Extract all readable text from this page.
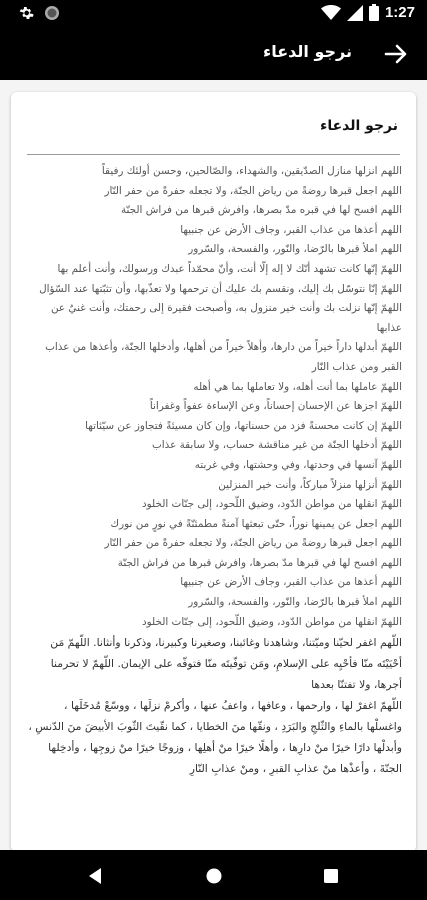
1:27
نرجو الدعاء
نرجو الدعاء

اللهم انزلها منازل الصدّيقين، والشهداء، والصّالحين، وحسن أولئك رفيقاً

اللهم اجعل قبرها روضةً من رياض الجنّة، ولا تجعله حفرةً من حفر النّار

اللهم افسح لها في قبره مدّ بصرها، وافرش قبرها من فراش الجنّة

اللهم أعذها من عذاب القبر، وجاف الأرض عن جنبيها

اللهم املأ قبرها بالرّضا، والنّور، والفسحة، والسّرور

اللهمّ إنّها كانت تشهد أنّك لا إله إلّا أنت، وأنّ محمّداً عبدك ورسولك، وأنت أعلم بها

اللهمّ إنّا نتوسّل بك إليك، ونقسم بك عليك أن ترحمها ولا تعذّبها، وأن تثبّتها عند السّؤال

اللهمّ إنّها نزلت بك وأنت خير منزول به، وأصبحت فقيرة إلى رحمتك، وأنت غنيٌ عن عذابها

اللهمّ أبدلها داراً خيراً من دارها، وأهلاً خيراً من أهلها، وأدخلها الجنّة، وأعذها من عذاب القبر ومن عذاب النّار

اللهمّ عاملها بما أنت أهله، ولا تعاملها بما هي أهله

اللهمّ اجزها عن الإحسان إحساناً، وعن الإساءة عفواً وغفراناً

اللهمّ إن كانت محسنةً فزد من حسناتها، وإن كان مسيئةً فتجاوز عن سيّئاتها

اللهمّ أدخلها الجنّة من غير مناقشة حساب، ولا سابقة عذاب

اللهمّ آنسها في وحدتها، وفي وحشتها، وفي غربته

اللهمّ أنزلها منزلاً مباركاً، وأنت خير المنزلين

اللهمّ انقلها من مواطن الدّود، وضيق اللّحود، إلى جنّات الخلود

اللهم اجعل عن يمينها نوراً، حتّى تبعثها آمنةً مطمئنّةً في نورٍ من نورك

اللهم اجعل قبرها روضةً من رياض الجنّة، ولا تجعله حفرةً من حفر النّار

اللهم افسح لها في قبرها مدّ بصرها، وافرش قبرها من فراش الجنّة

اللهم أعذها من عذاب القبر، وجاف الأرض عن جنبيها

اللهم املأ قبرها بالرّضا، والنّور، والفسحة، والسّرور

اللهمّ انقلها من مواطن الدّود، وضيق اللّحود، إلى جنّات الخلود

اللّهم اغفر لحيّنا وميّتنا، وشاهدنا وغائبنا، وصغيرنا وكبيرنا، وذكرنا وأنثانا. اللّهمّ مَن أحْيَيْتَه منّا فأحْيِه على الإسلامِ، ومَن توفّيتَه منّا فتوفّه على الإيمان. اللّهمّ لا تحرمنا أجرها، ولا تفتنّا بعدها

اللّهمّ اغفرْ لها ، وارحمها ، وعافها ، واعفُ عنها ، وأكرمْ نزلَها ، ووسّعْ مُدخَلَها ، واغسلْها بالماءِ والثّلجِ والبَرَدِ ، ونقّها منَ الخطايا ، كما نقّيتَ الثّوبَ الأبيضَ منَ الدّنسِ ، وأبدلْها دارًا خيرًا منْ دارِها ، وأهلًا خيرًا منْ أهلِها ، وزوجًا خيرًا منْ زوجِها ، وأدخِلها الجنّةَ ، وأعذْها منْ عذابِ القبرِ ، ومنْ عذابِ النّارِ
